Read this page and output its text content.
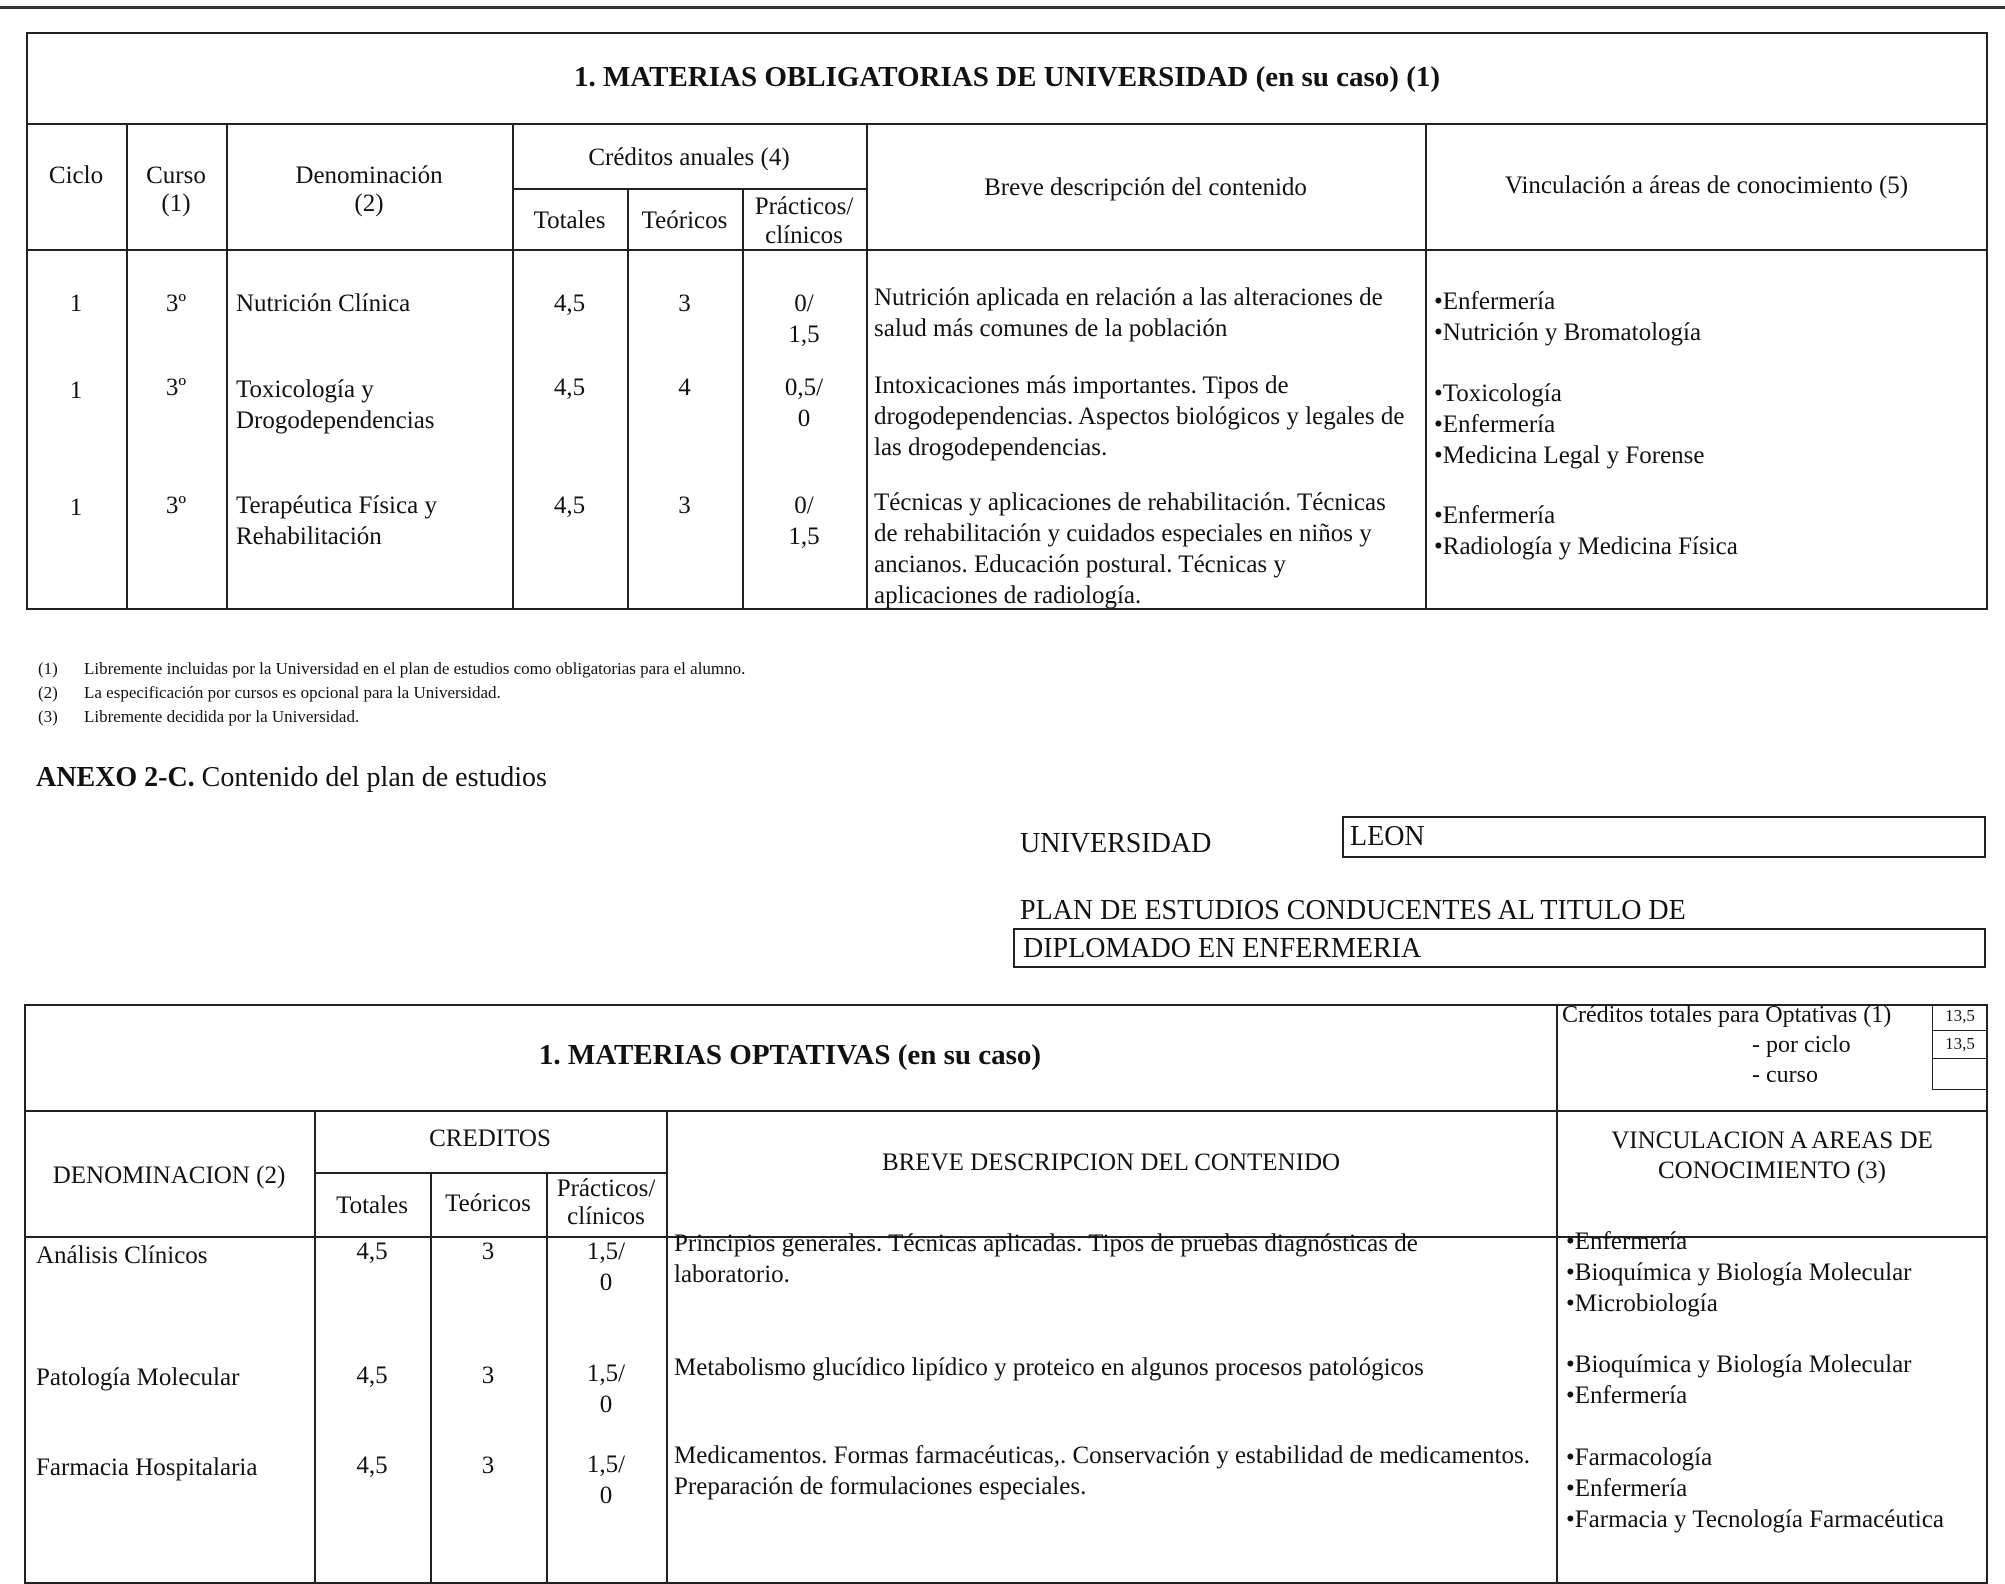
1. MATERIAS OBLIGATORIAS DE UNIVERSIDAD (en su caso) (1)
Ciclo	Curso
(1)
Denominación
(2)
Créditos anuales (4)
Totales	Teóricos
Prácticos/
clínicos
Breve descripción del contenido	Vinculación a áreas de conocimiento (5)
1	3º	Nutrición Clínica	4,5	3	0/
1,5
Nutrición aplicada en relación a las alteraciones de
salud más comunes de la población
• Enfermería
• Nutrición y Bromatología
1	3º	Toxicología y
Drogodependencias
4,5	4	0,5/
0
Intoxicaciones más importantes. Tipos de
drogodependencias. Aspectos biológicos y legales de
las drogodependencias.
• Toxicología
• Enfermería
• Medicina Legal y Forense
1	3º	Terapéutica Física y
Rehabilitación
4,5	3	0/
1,5
Técnicas y aplicaciones de rehabilitación. Técnicas
de rehabilitación y cuidados especiales en niños y
ancianos. Educación postural. Técnicas y
aplicaciones de radiología.
• Enfermería
• Radiología y Medicina Física
(1) Libremente incluidas por la Universidad en el plan de estudios como obligatorias para el alumno.
(2) La especificación por cursos es opcional para la Universidad.
(3) Libremente decidida por la Universidad.
ANEXO 2-C. Contenido del plan de estudios
UNIVERSIDAD	LEON
PLAN DE ESTUDIOS CONDUCENTES AL TITULO DE
DIPLOMADO EN ENFERMERIA
1. MATERIAS OPTATIVAS (en su caso)
Créditos totales para Optativas (1)
- por ciclo
- curso
13,5
13,5
DENOMINACION (2)
CREDITOS
Totales	Teóricos
Prácticos/
clínicos
BREVE DESCRIPCION DEL CONTENIDO
VINCULACION A AREAS DE
CONOCIMIENTO (3)
Análisis Clínicos	4,5	3	1,5/
0
Principios generales. Técnicas aplicadas. Tipos de pruebas diagnósticas de
laboratorio.
• Enfermería
• Bioquímica y Biología Molecular
• Microbiología
Patología Molecular	4,5	3	1,5/
0
Metabolismo glucídico lipídico y proteico en algunos procesos patológicos
•	Bioquímica y Biología Molecular
• Enfermería
Farmacia Hospitalaria	4,5	3	1,5/
0
Medicamentos. Formas farmacéuticas,. Conservación y estabilidad de medicamentos.
Preparación de formulaciones especiales.
• Farmacología
• Enfermería
• Farmacia y Tecnología Farmacéutica
